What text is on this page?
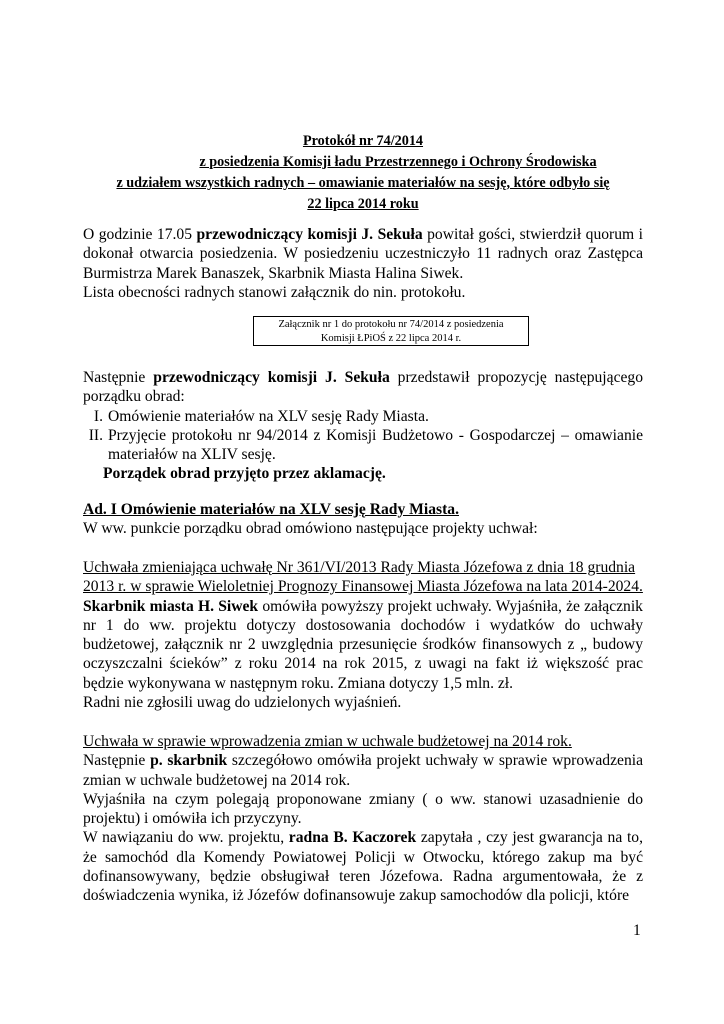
Protokół nr 74/2014
z posiedzenia Komisji ładu Przestrzennego i Ochrony Środowiska
z udziałem wszystkich radnych – omawianie materiałów na sesję, które odbyło się
22 lipca 2014 roku

O godzinie 17.05 przewodniczący komisji J. Sekuła powitał gości, stwierdził quorum i dokonał otwarcia posiedzenia. W posiedzeniu uczestniczyło 11 radnych oraz Zastępca Burmistrza Marek Banaszek, Skarbnik Miasta Halina Siwek.

Lista obecności radnych stanowi załącznik do nin. protokołu.

Załącznik nr 1 do protokołu nr 74/2014 z posiedzenia
Komisji ŁPiOŚ z 22 lipca 2014 r.

Następnie przewodniczący komisji J. Sekuła przedstawił propozycję następującego porządku obrad:

I. Omówienie materiałów na XLV sesję Rady Miasta.
II. Przyjęcie protokołu nr 94/2014 z Komisji Budżetowo - Gospodarczej – omawianie materiałów na XLIV sesję.

Porządek obrad przyjęto przez aklamację.

Ad. I Omówienie materiałów na XLV sesję Rady Miasta.

W ww. punkcie porządku obrad omówiono następujące projekty uchwał:

Uchwała zmieniająca uchwałę Nr 361/VI/2013 Rady Miasta Józefowa z dnia 18 grudnia 2013 r. w sprawie Wieloletniej Prognozy Finansowej Miasta Józefowa na lata 2014-2024.

Skarbnik miasta H. Siwek omówiła powyższy projekt uchwały. Wyjaśniła, że załącznik nr 1 do ww. projektu dotyczy dostosowania dochodów i wydatków do uchwały budżetowej, załącznik nr 2 uwzględnia przesunięcie środków finansowych z „ budowy oczyszczalni ścieków” z roku 2014 na rok 2015, z uwagi na fakt iż większość prac będzie wykonywana w następnym roku. Zmiana dotyczy 1,5 mln. zł.

Radni nie zgłosili uwag do udzielonych wyjaśnień.

Uchwała w sprawie wprowadzenia zmian w uchwale budżetowej na 2014 rok.

Następnie p. skarbnik szczegółowo omówiła projekt uchwały w sprawie wprowadzenia zmian w uchwale budżetowej na 2014 rok.

Wyjaśniła na czym polegają proponowane zmiany ( o ww. stanowi uzasadnienie do projektu) i omówiła ich przyczyny.

W nawiązaniu do ww. projektu, radna B. Kaczorek zapytała , czy jest gwarancja na to, że samochód dla Komendy Powiatowej Policji w Otwocku, którego zakup ma być dofinansowywany, będzie obsługiwał teren Józefowa. Radna argumentowała, że z doświadczenia wynika, iż Józefów dofinansowuje zakup samochodów dla policji, które

1
